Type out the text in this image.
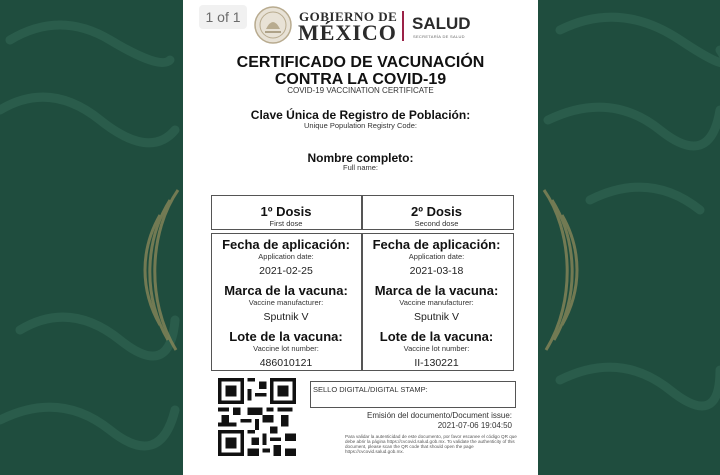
1 of 1	GOBIERNO DE
MÉXICO SALUD
SECRETARÍA DE SALUD
CERTIFICADO DE VACUNACIÓN
CONTRA LA COVID-19
COVID-19 VACCINATION CERTIFICATE
Clave Única de Registro de Población:
Unique Population Registry Code:
Nombre completo:
Full name:
1º Dosis
First dose
2º Dosis
Second dose
Fecha de aplicación:
Application date:
2021-02-25
Marca de la vacuna:
Vaccine manufacturer:
Sputnik V
Lote de la vacuna:
Vaccine lot number:
486010121
Fecha de aplicación:
Application date:
2021-03-18
Marca de la vacuna:
Vaccine manufacturer:
Sputnik V
Lote de la vacuna:
Vaccine lot number:
II-130221
SELLO DIGITAL/DIGITAL STAMP:
Emisión del documento/Document issue:
2021-07-06 19:04:50
Para validar la autenticidad de este documento, por favor escanee el código QR que debe abrir la página https://cvcovid.salud.gob.mx. To validate the authenticity of this document, please scan the QR code that should open the page https://cvcovid.salud.gob.mx.
